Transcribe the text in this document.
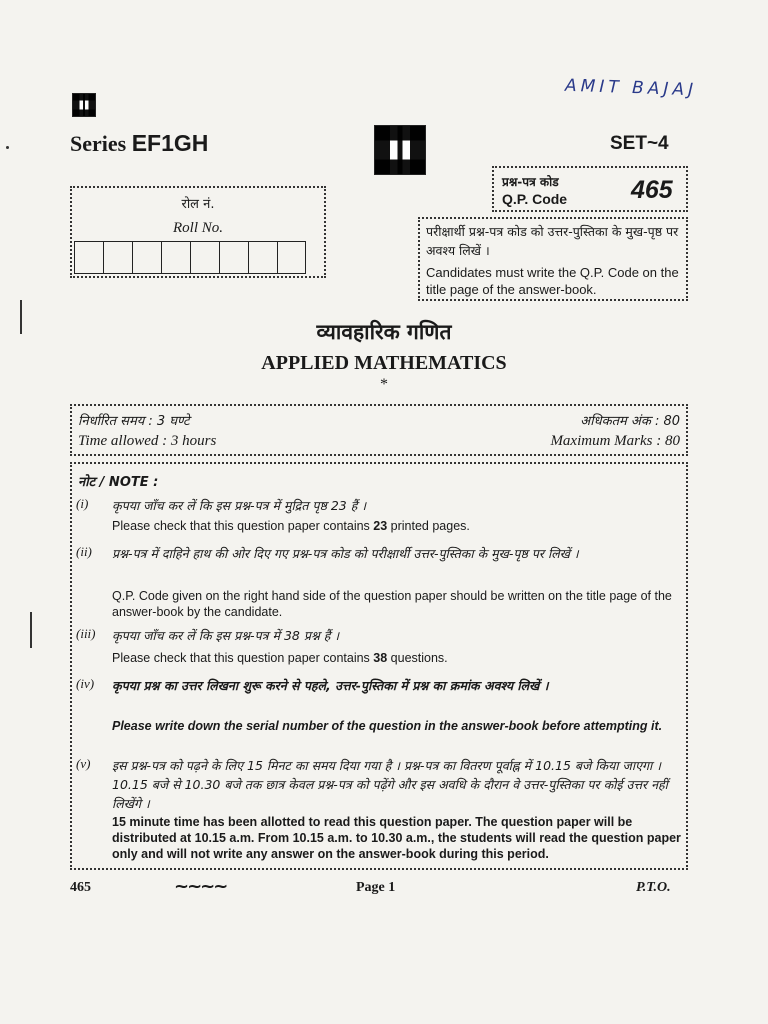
AMIT BAJAJ
Series EF1GH	SET~4
रोल नं.
Roll No.
प्रश्न-पत्र कोड
Q.P. Code	465
परीक्षार्थी प्रश्न-पत्र कोड को उत्तर-पुस्तिका के मुख-पृष्ठ पर अवश्य लिखें ।
Candidates must write the Q.P. Code on the title page of the answer-book.
व्यावहारिक गणित
APPLIED MATHEMATICS
*
निर्धारित समय : 3 घण्टे	अधिकतम अंक : 80
Time allowed : 3 hours	Maximum Marks : 80
नोट / NOTE :
(i) कृपया जाँच कर लें कि इस प्रश्न-पत्र में मुद्रित पृष्ठ 23 हैं ।
Please check that this question paper contains 23 printed pages.
(ii) प्रश्न-पत्र में दाहिने हाथ की ओर दिए गए प्रश्न-पत्र कोड को परीक्षार्थी उत्तर-पुस्तिका के मुख-पृष्ठ पर लिखें ।
Q.P. Code given on the right hand side of the question paper should be written on the title page of the answer-book by the candidate.
(iii) कृपया जाँच कर लें कि इस प्रश्न-पत्र में 38 प्रश्न हैं ।
Please check that this question paper contains 38 questions.
(iv) कृपया प्रश्न का उत्तर लिखना शुरू करने से पहले, उत्तर-पुस्तिका में प्रश्न का क्रमांक अवश्य लिखें ।
Please write down the serial number of the question in the answer-book before attempting it.
(v) इस प्रश्न-पत्र को पढ़ने के लिए 15 मिनट का समय दिया गया है । प्रश्न-पत्र का वितरण पूर्वाह्न में 10.15 बजे किया जाएगा । 10.15 बजे से 10.30 बजे तक छात्र केवल प्रश्न-पत्र को पढ़ेंगे और इस अवधि के दौरान वे उत्तर-पुस्तिका पर कोई उत्तर नहीं लिखेंगे ।
15 minute time has been allotted to read this question paper. The question paper will be distributed at 10.15 a.m. From 10.15 a.m. to 10.30 a.m., the students will read the question paper only and will not write any answer on the answer-book during this period.
465	~~~~	Page 1	P.T.O.
